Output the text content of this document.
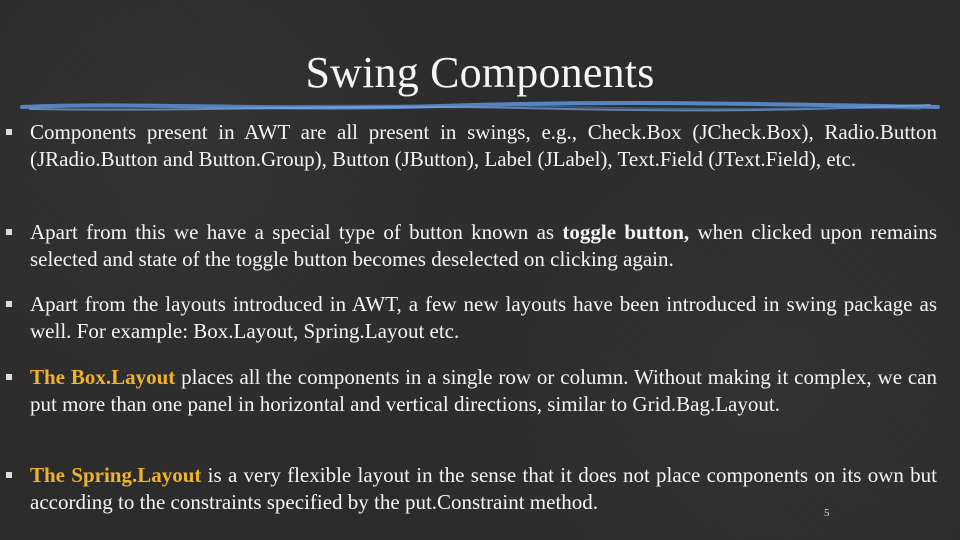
Swing Components
Components present in AWT are all present in swings, e.g., Check.Box (JCheck.Box), Radio.Button (JRadio.Button and Button.Group), Button (JButton), Label (JLabel), Text.Field (JText.Field), etc.
Apart from this we have a special type of button known as toggle button, when clicked upon remains selected and state of the toggle button becomes deselected on clicking again.
Apart from the layouts introduced in AWT, a few new layouts have been introduced in swing package as well. For example: Box.Layout, Spring.Layout etc.
The Box.Layout places all the components in a single row or column. Without making it complex, we can put more than one panel in horizontal and vertical directions, similar to Grid.Bag.Layout.
The Spring.Layout is a very flexible layout in the sense that it does not place components on its own but according to the constraints specified by the put.Constraint method.	5
